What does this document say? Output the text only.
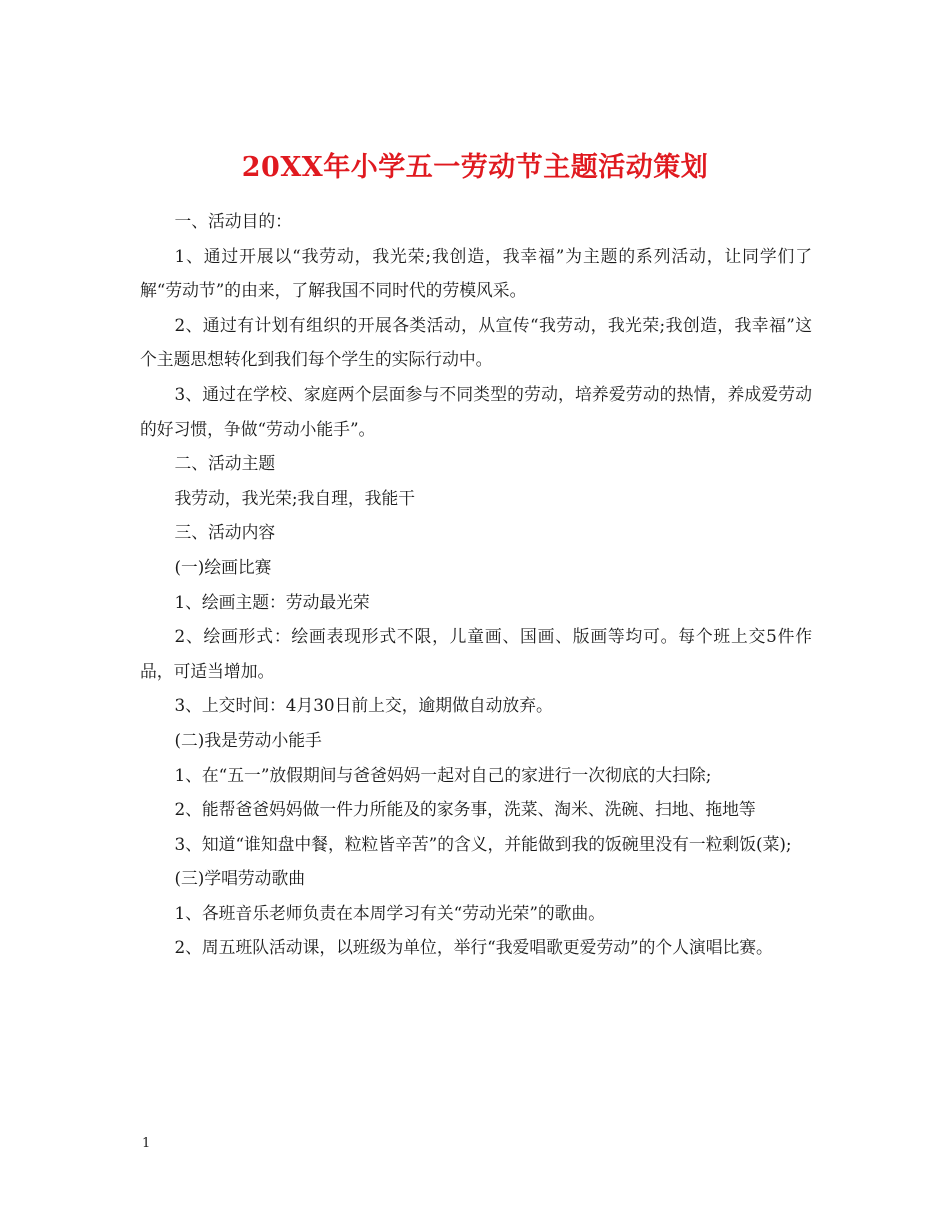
20XX年小学五一劳动节主题活动策划

一、活动目的：

1、通过开展以“我劳动，我光荣;我创造，我幸福”为主题的系列活动，让同学们了解“劳动节”的由来，了解我国不同时代的劳模风采。

2、通过有计划有组织的开展各类活动，从宣传“我劳动，我光荣;我创造，我幸福”这个主题思想转化到我们每个学生的实际行动中。

3、通过在学校、家庭两个层面参与不同类型的劳动，培养爱劳动的热情，养成爱劳动的好习惯，争做“劳动小能手”。

二、活动主题

我劳动，我光荣;我自理，我能干

三、活动内容

(一)绘画比赛

1、绘画主题：劳动最光荣

2、绘画形式：绘画表现形式不限，儿童画、国画、版画等均可。每个班上交5件作品，可适当增加。

3、上交时间：4月30日前上交，逾期做自动放弃。

(二)我是劳动小能手

1、在“五一”放假期间与爸爸妈妈一起对自己的家进行一次彻底的大扫除;

2、能帮爸爸妈妈做一件力所能及的家务事，洗菜、淘米、洗碗、扫地、拖地等

3、知道“谁知盘中餐，粒粒皆辛苦”的含义，并能做到我的饭碗里没有一粒剩饭(菜);

(三)学唱劳动歌曲

1、各班音乐老师负责在本周学习有关“劳动光荣”的歌曲。

2、周五班队活动课，以班级为单位，举行“我爱唱歌更爱劳动”的个人演唱比赛。

1
